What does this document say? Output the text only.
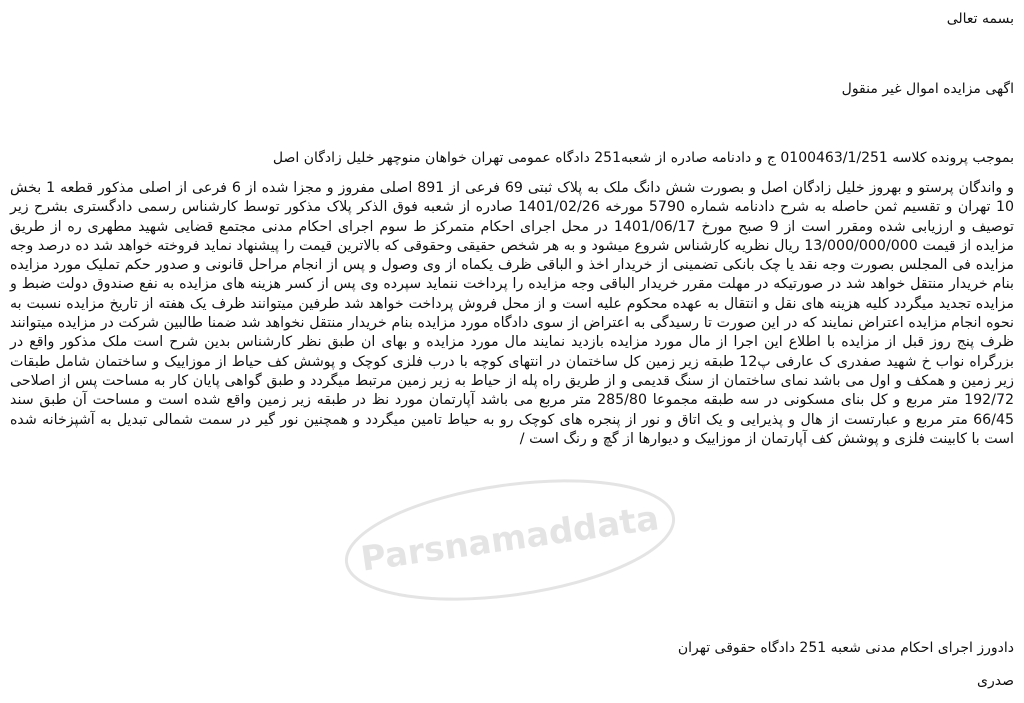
بسمه تعالی
اگهی مزایده اموال غیر منقول
بموجب پرونده کلاسه 0100463/1/251 ج و دادنامه صادره از شعبه251 دادگاه عمومی تهران خواهان منوچهر خلیل زادگان اصل
و واندگان پرستو و بهروز خلیل زادگان اصل و بصورت شش دانگ ملک به پلاک ثبتی 69 فرعی از 891 اصلی مفروز و مجزا شده از 6 فرعی از اصلی مذکور قطعه 1 بخش 10 تهران و تقسیم ثمن حاصله به شرح دادنامه شماره 5790 مورخه 1401/02/26 صادره از شعبه فوق الذکر پلاک مذکور توسط کارشناس رسمی دادگستری بشرح زیر توصیف و ارزیابی شده ومقرر است از 9 صبح مورخ 1401/06/17 در محل اجرای احکام متمرکز ط سوم اجرای احکام مدنی مجتمع قضایی شهید مطهری ره از طریق مزایده از قیمت 13/000/000/000 ریال نظریه کارشناس شروع میشود و به هر شخص حقیقی وحقوقی که بالاترین قیمت را پیشنهاد نماید فروخته خواهد شد ده درصد وجه مزایده فی المجلس بصورت وجه نقد یا چک بانکی تضمینی از خریدار اخذ و الباقی ظرف یکماه از وی وصول و پس از انجام مراحل قانونی و صدور حکم تملیک مورد مزایده بنام خریدار منتقل خواهد شد در صورتیکه در مهلت مقرر خریدار الباقی وجه مزایده را پرداخت ننماید سپرده وی پس از کسر هزینه های مزایده به نفع صندوق دولت ضبط و مزایده تجدید میگردد کلیه هزینه های نقل و انتقال به عهده محکوم علیه است و از محل فروش پرداخت خواهد شد طرفین میتوانند ظرف یک هفته از تاریخ مزایده نسبت به نحوه انجام مزایده اعتراض نمایند که در این صورت تا رسیدگی به اعتراض از سوی دادگاه مورد مزایده بنام خریدار منتقل نخواهد شد ضمنا طالبین شرکت در مزایده میتوانند ظرف پنج روز قبل از مزایده با اطلاع این اجرا از مال مورد مزایده بازدید نمایند مال مورد مزایده و بهای ان طبق نظر کارشناس بدین شرح است ملک مذکور واقع در بزرگراه نواب خ شهید صفدری ک عارفی پ12 طبقه زیر زمین کل ساختمان در انتهای کوچه با درب فلزی کوچک و پوشش کف حیاط از موزاییک و ساختمان شامل طبقات زیر زمین و همکف و اول می باشد نمای ساختمان از سنگ قدیمی و از طریق راه پله از حیاط به زیر زمین مرتبط میگردد و طبق گواهی پایان کار به مساحت پس از اصلاحی 192/72 متر مربع و کل بنای مسکونی در سه طبقه مجموعا 285/80 متر مربع می باشد آپارتمان مورد نظ در طبقه زیر زمین واقع شده است و مساحت آن طبق سند 66/45 متر مربع و عبارتست از هال و پذیرایی و یک اتاق و نور از پنجره های کوچک رو به حیاط تامین میگردد و همچنین نور گیر در سمت شمالی تبدیل به آشپزخانه شده است با کابینت فلزی و پوشش کف آپارتمان از موزاییک و دیوارها از گچ و رنگ است /
Parsnamaddata
دادورز اجرای احکام مدنی شعبه 251 دادگاه حقوقی تهران
صدری
